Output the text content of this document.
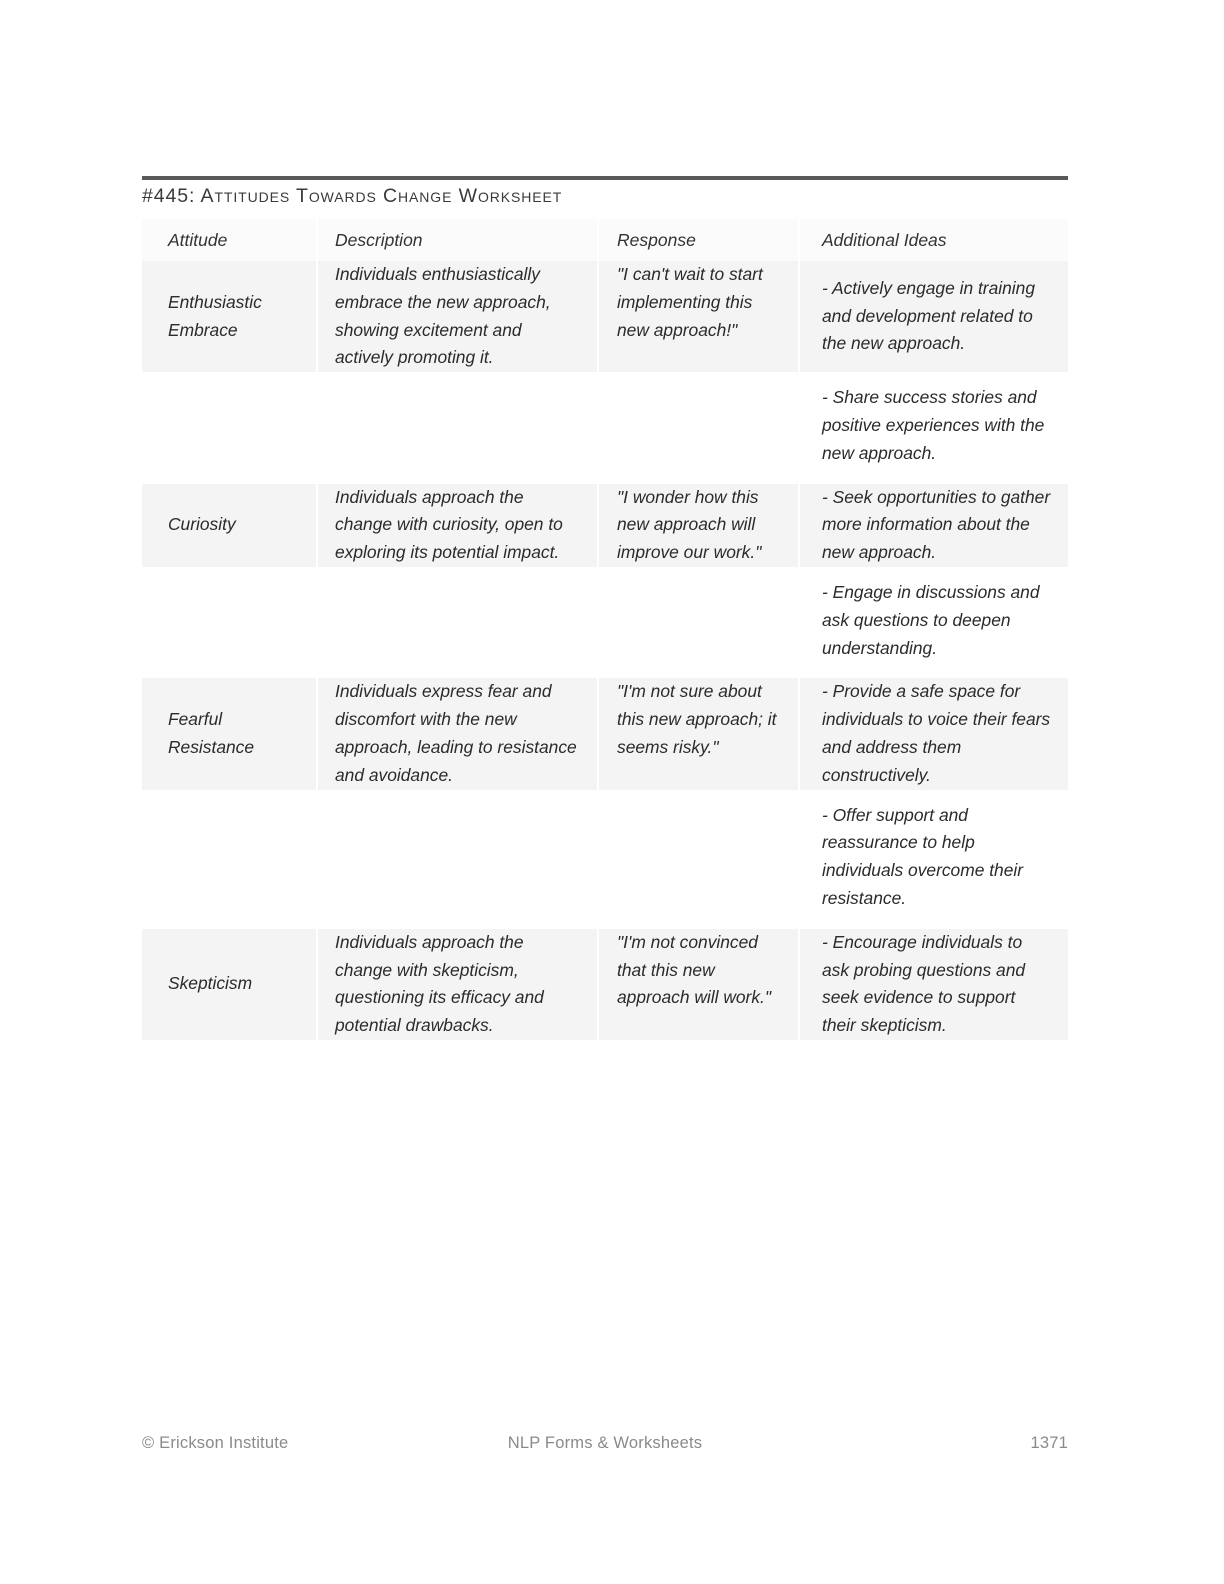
#445: Attitudes Towards Change Worksheet
Attitude	Description	Response	Additional Ideas
Enthusiastic Embrace	Individuals enthusiastically embrace the new approach, showing excitement and actively promoting it.	"I can't wait to start implementing this new approach!"	- Actively engage in training and development related to the new approach.
			- Share success stories and positive experiences with the new approach.
Curiosity	Individuals approach the change with curiosity, open to exploring its potential impact.	"I wonder how this new approach will improve our work."	- Seek opportunities to gather more information about the new approach.
			- Engage in discussions and ask questions to deepen understanding.
Fearful Resistance	Individuals express fear and discomfort with the new approach, leading to resistance and avoidance.	"I'm not sure about this new approach; it seems risky."	- Provide a safe space for individuals to voice their fears and address them constructively.
			- Offer support and reassurance to help individuals overcome their resistance.
Skepticism	Individuals approach the change with skepticism, questioning its efficacy and potential drawbacks.	"I'm not convinced that this new approach will work."	- Encourage individuals to ask probing questions and seek evidence to support their skepticism.
© Erickson Institute	NLP Forms & Worksheets	1371
